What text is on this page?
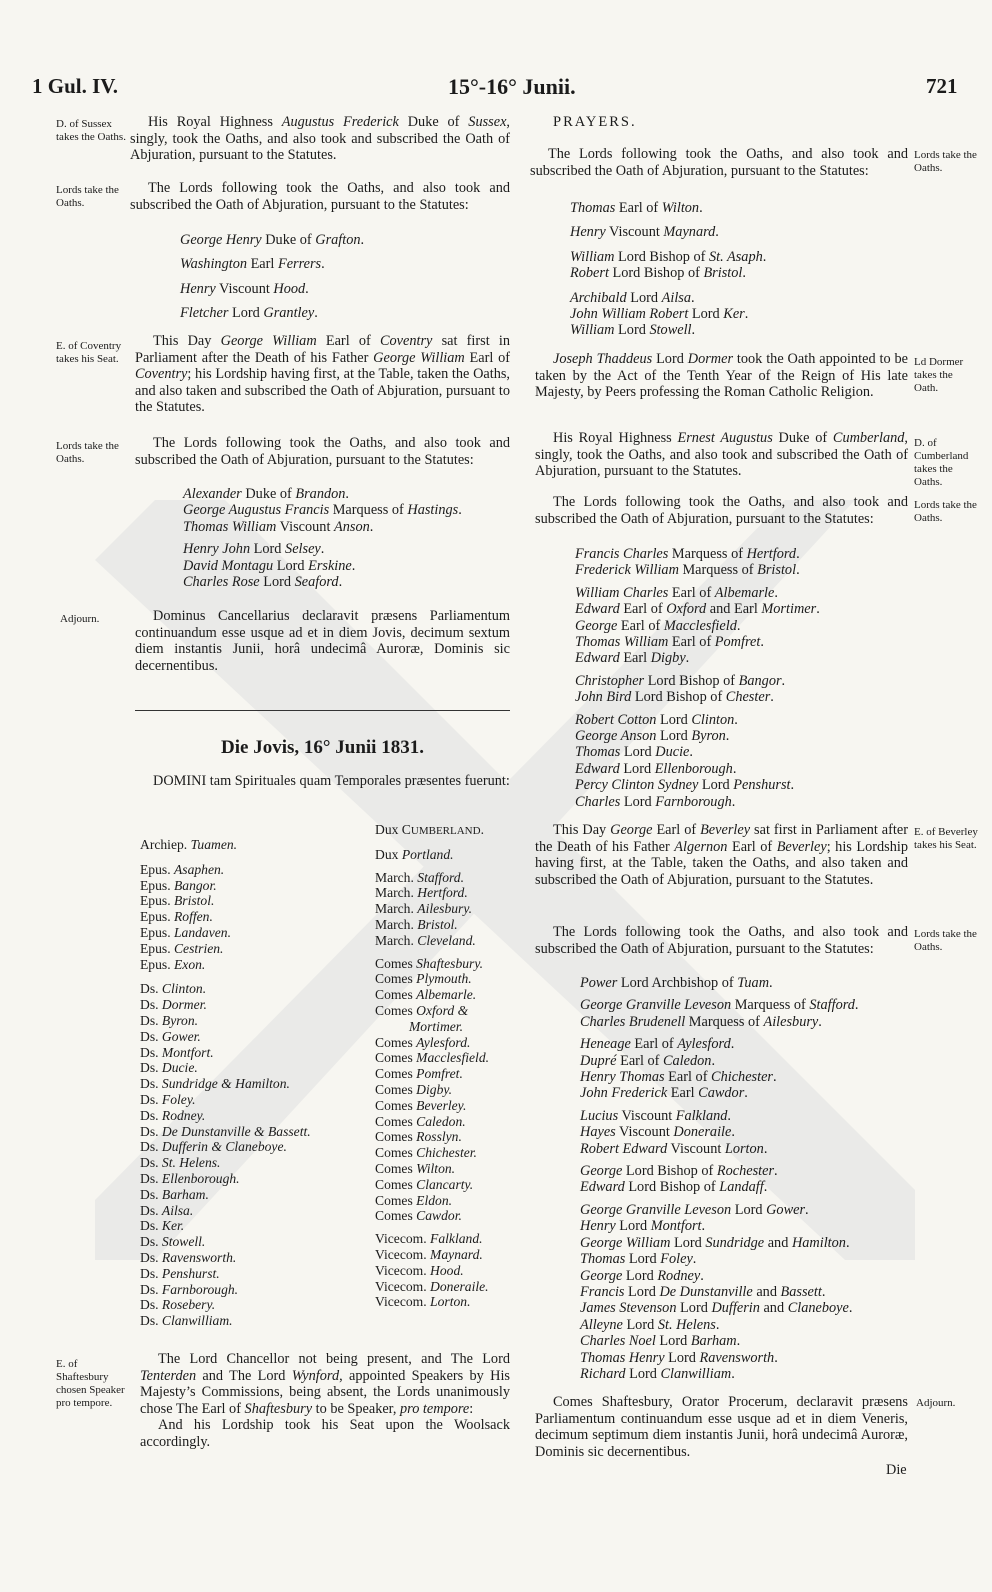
1 Gul. IV.	15°-16° Junii.	721
D. of Sussex takes the Oaths.

His Royal Highness Augustus Frederick Duke of Sussex, singly, took the Oaths, and also took and subscribed the Oath of Abjuration, pursuant to the Statutes.

Lords take the Oaths.

The Lords following took the Oaths, and also took and subscribed the Oath of Abjuration, pursuant to the Statutes:

George Henry Duke of Grafton.
Washington Earl Ferrers.
Henry Viscount Hood.
Fletcher Lord Grantley.
E. of Coventry takes his Seat.

This Day George William Earl of Coventry sat first in Parliament after the Death of his Father George William Earl of Coventry; his Lordship having first, at the Table, taken the Oaths, and also taken and subscribed the Oath of Abjuration, pursuant to the Statutes.

Lords take the Oaths.

The Lords following took the Oaths, and also took and subscribed the Oath of Abjuration, pursuant to the Statutes:

Alexander Duke of Brandon.
George Augustus Francis Marquess of Hastings.
Thomas William Viscount Anson.
Henry John Lord Selsey.
David Montagu Lord Erskine.
Charles Rose Lord Seaford.
Adjourn.	Dominus Cancellarius declaravit præsens Parliamentum continuandum esse usque ad et in diem Jovis, decimum sextum diem instantis Junii, horâ undecimâ Auroræ, Dominis sic decernentibus.

Die Jovis, 16° Junii 1831.

DOMINI tam Spirituales quam Temporales præsentes fuerunt:

Archiep. Tuamen.
Epus. Asaphen.
Epus. Bangor.
Epus. Bristol.
Epus. Roffen.
Epus. Landaven.
Epus. Cestrien.
Epus. Exon.
Ds. Clinton.
Ds. Dormer.
Ds. Byron.
Ds. Gower.
Ds. Montfort.
Ds. Ducie.
Ds. Sundridge & Hamilton.
Ds. Foley.
Ds. Rodney.
Ds. De Dunstanville & Bassett.
Ds. Dufferin & Claneboye.
Ds. St. Helens.
Ds. Ellenborough.
Ds. Barham.
Ds. Ailsa.
Ds. Ker.
Ds. Stowell.
Ds. Ravensworth.
Ds. Penshurst.
Ds. Farnborough.
Ds. Rosebery.
Ds. Clanwilliam.
Dux CUMBERLAND.
Dux Portland.
March. Stafford.
March. Hertford.
March. Ailesbury.
March. Bristol.
March. Cleveland.
Comes Shaftesbury.
Comes Plymouth.
Comes Albemarle.
Comes Oxford &
Mortimer.
Comes Aylesford.
Comes Macclesfield.
Comes Pomfret.
Comes Digby.
Comes Beverley.
Comes Caledon.
Comes Rosslyn.
Comes Chichester.
Comes Wilton.
Comes Clancarty.
Comes Eldon.
Comes Cawdor.
Vicecom. Falkland.
Vicecom. Maynard.
Vicecom. Hood.
Vicecom. Doneraile.
Vicecom. Lorton.
E. of Shaftesbury chosen Speaker pro tempore.

The Lord Chancellor not being present, and The Lord Tenterden and The Lord Wynford, appointed Speakers by His Majesty’s Commissions, being absent, the Lords unanimously chose The Earl of Shaftesbury to be Speaker, pro tempore:

And his Lordship took his Seat upon the Woolsack accordingly.

PRAYERS.

The Lords following took the Oaths, and also took and subscribed the Oath of Abjuration, pursuant to the Statutes:

Lords take the Oaths.
Thomas Earl of Wilton.
Henry Viscount Maynard.
William Lord Bishop of St. Asaph.
Robert Lord Bishop of Bristol.
Archibald Lord Ailsa.
John William Robert Lord Ker.
William Lord Stowell.

Joseph Thaddeus Lord Dormer took the Oath appointed to be taken by the Act of the Tenth Year of the Reign of His late Majesty, by Peers professing the Roman Catholic Religion.

Ld Dormer takes the Oath.

His Royal Highness Ernest Augustus Duke of Cumberland, singly, took the Oaths, and also took and subscribed the Oath of Abjuration, pursuant to the Statutes.

D. of Cumberland takes the Oaths.

The Lords following took the Oaths, and also took and subscribed the Oath of Abjuration, pursuant to the Statutes:

Lords take the Oaths.
Francis Charles Marquess of Hertford.
Frederick William Marquess of Bristol.
William Charles Earl of Albemarle.
Edward Earl of Oxford and Earl Mortimer.
George Earl of Macclesfield.
Thomas William Earl of Pomfret.
Edward Earl Digby.
Christopher Lord Bishop of Bangor.
John Bird Lord Bishop of Chester.
Robert Cotton Lord Clinton.
George Anson Lord Byron.
Thomas Lord Ducie.
Edward Lord Ellenborough.
Percy Clinton Sydney Lord Penshurst.
Charles Lord Farnborough.

This Day George Earl of Beverley sat first in Parliament after the Death of his Father Algernon Earl of Beverley; his Lordship having first, at the Table, taken the Oaths, and also taken and subscribed the Oath of Abjuration, pursuant to the Statutes.

E. of Beverley takes his Seat.

The Lords following took the Oaths, and also took and subscribed the Oath of Abjuration, pursuant to the Statutes:

Lords take the Oaths.
Power Lord Archbishop of Tuam.
George Granville Leveson Marquess of Stafford.
Charles Brudenell Marquess of Ailesbury.
Heneage Earl of Aylesford.
Dupré Earl of Caledon.
Henry Thomas Earl of Chichester.
John Frederick Earl Cawdor.
Lucius Viscount Falkland.
Hayes Viscount Doneraile.
Robert Edward Viscount Lorton.
George Lord Bishop of Rochester.
Edward Lord Bishop of Landaff.
George Granville Leveson Lord Gower.
Henry Lord Montfort.
George William Lord Sundridge and Hamilton.
Thomas Lord Foley.
George Lord Rodney.
Francis Lord De Dunstanville and Bassett.
James Stevenson Lord Dufferin and Claneboye.
Alleyne Lord St. Helens.
Charles Noel Lord Barham.
Thomas Henry Lord Ravensworth.
Richard Lord Clanwilliam.

Comes Shaftesbury, Orator Procerum, declaravit præsens Parliamentum continuandum esse usque ad et in diem Veneris, decimum septimum diem instantis Junii, horâ undecimâ Auroræ, Dominis sic decernentibus.

Adjourn.
Die
